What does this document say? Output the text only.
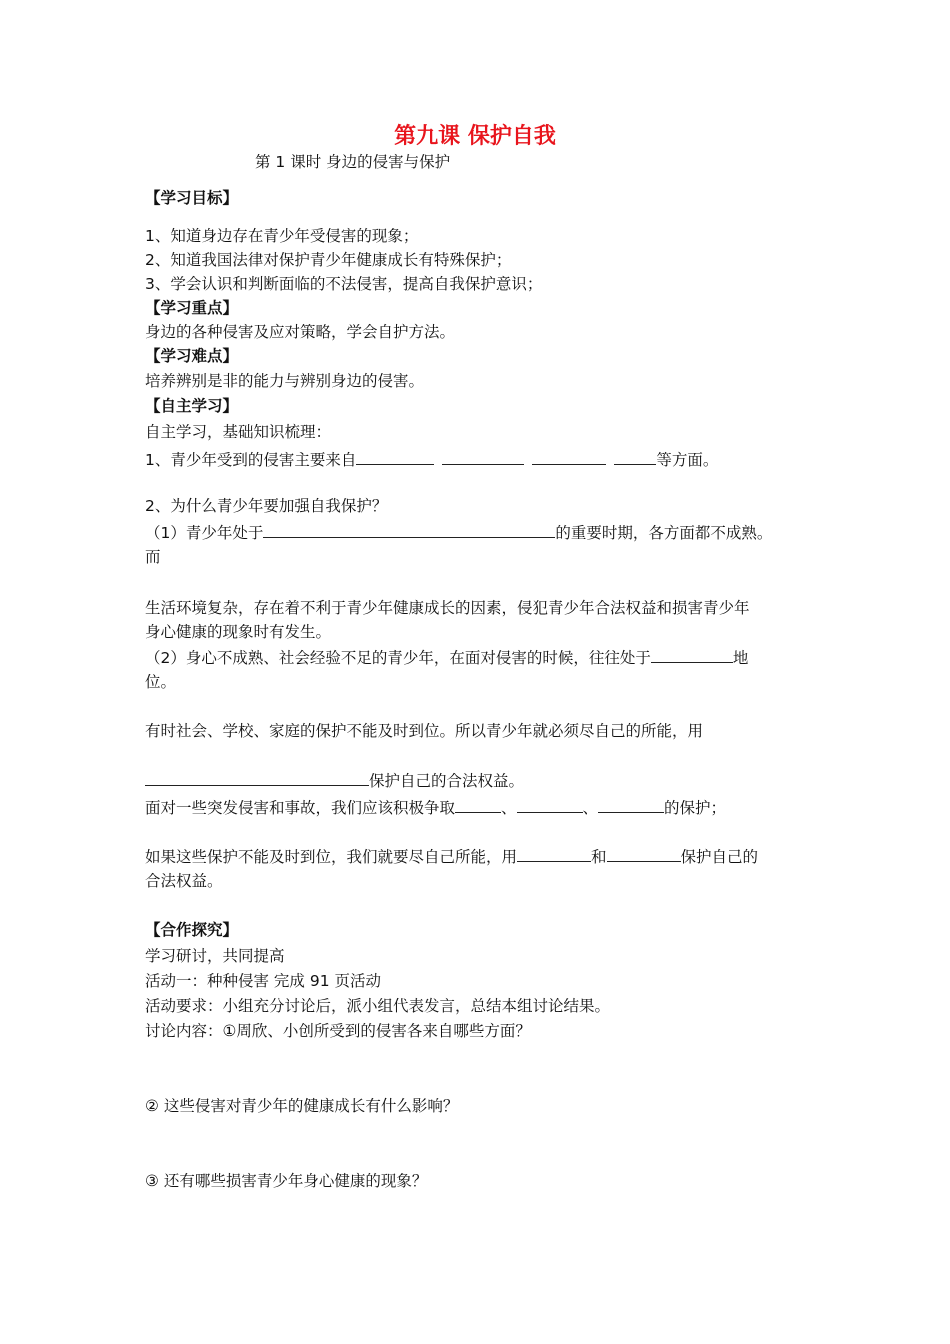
第九课 保护自我
第 1 课时 身边的侵害与保护
【学习目标】
1、知道身边存在青少年受侵害的现象；
2、知道我国法律对保护青少年健康成长有特殊保护；
3、学会认识和判断面临的不法侵害，提高自我保护意识；
【学习重点】
身边的各种侵害及应对策略，学会自护方法。
【学习难点】
培养辨别是非的能力与辨别身边的侵害。
【自主学习】
自主学习，基础知识梳理：
1、青少年受到的侵害主要来自	等方面。
2、为什么青少年要加强自我保护？
（1）青少年处于	的重要时期，各方面都不成熟。
而
生活环境复杂，存在着不利于青少年健康成长的因素，侵犯青少年合法权益和损害青少年
身心健康的现象时有发生。
（2）身心不成熟、社会经验不足的青少年，在面对侵害的时候，往往处于	地
位。
有时社会、学校、家庭的保护不能及时到位。所以青少年就必须尽自己的所能，用
保护自己的合法权益。
面对一些突发侵害和事故，我们应该积极争取	、	、	的保护；
如果这些保护不能及时到位，我们就要尽自己所能，用	和	保护自己的
合法权益。
【合作探究】
学习研讨，共同提高
活动一：种种侵害 完成 91 页活动
活动要求：小组充分讨论后，派小组代表发言，总结本组讨论结果。
讨论内容：①周欣、小创所受到的侵害各来自哪些方面？
② 这些侵害对青少年的健康成长有什么影响？
③ 还有哪些损害青少年身心健康的现象？
